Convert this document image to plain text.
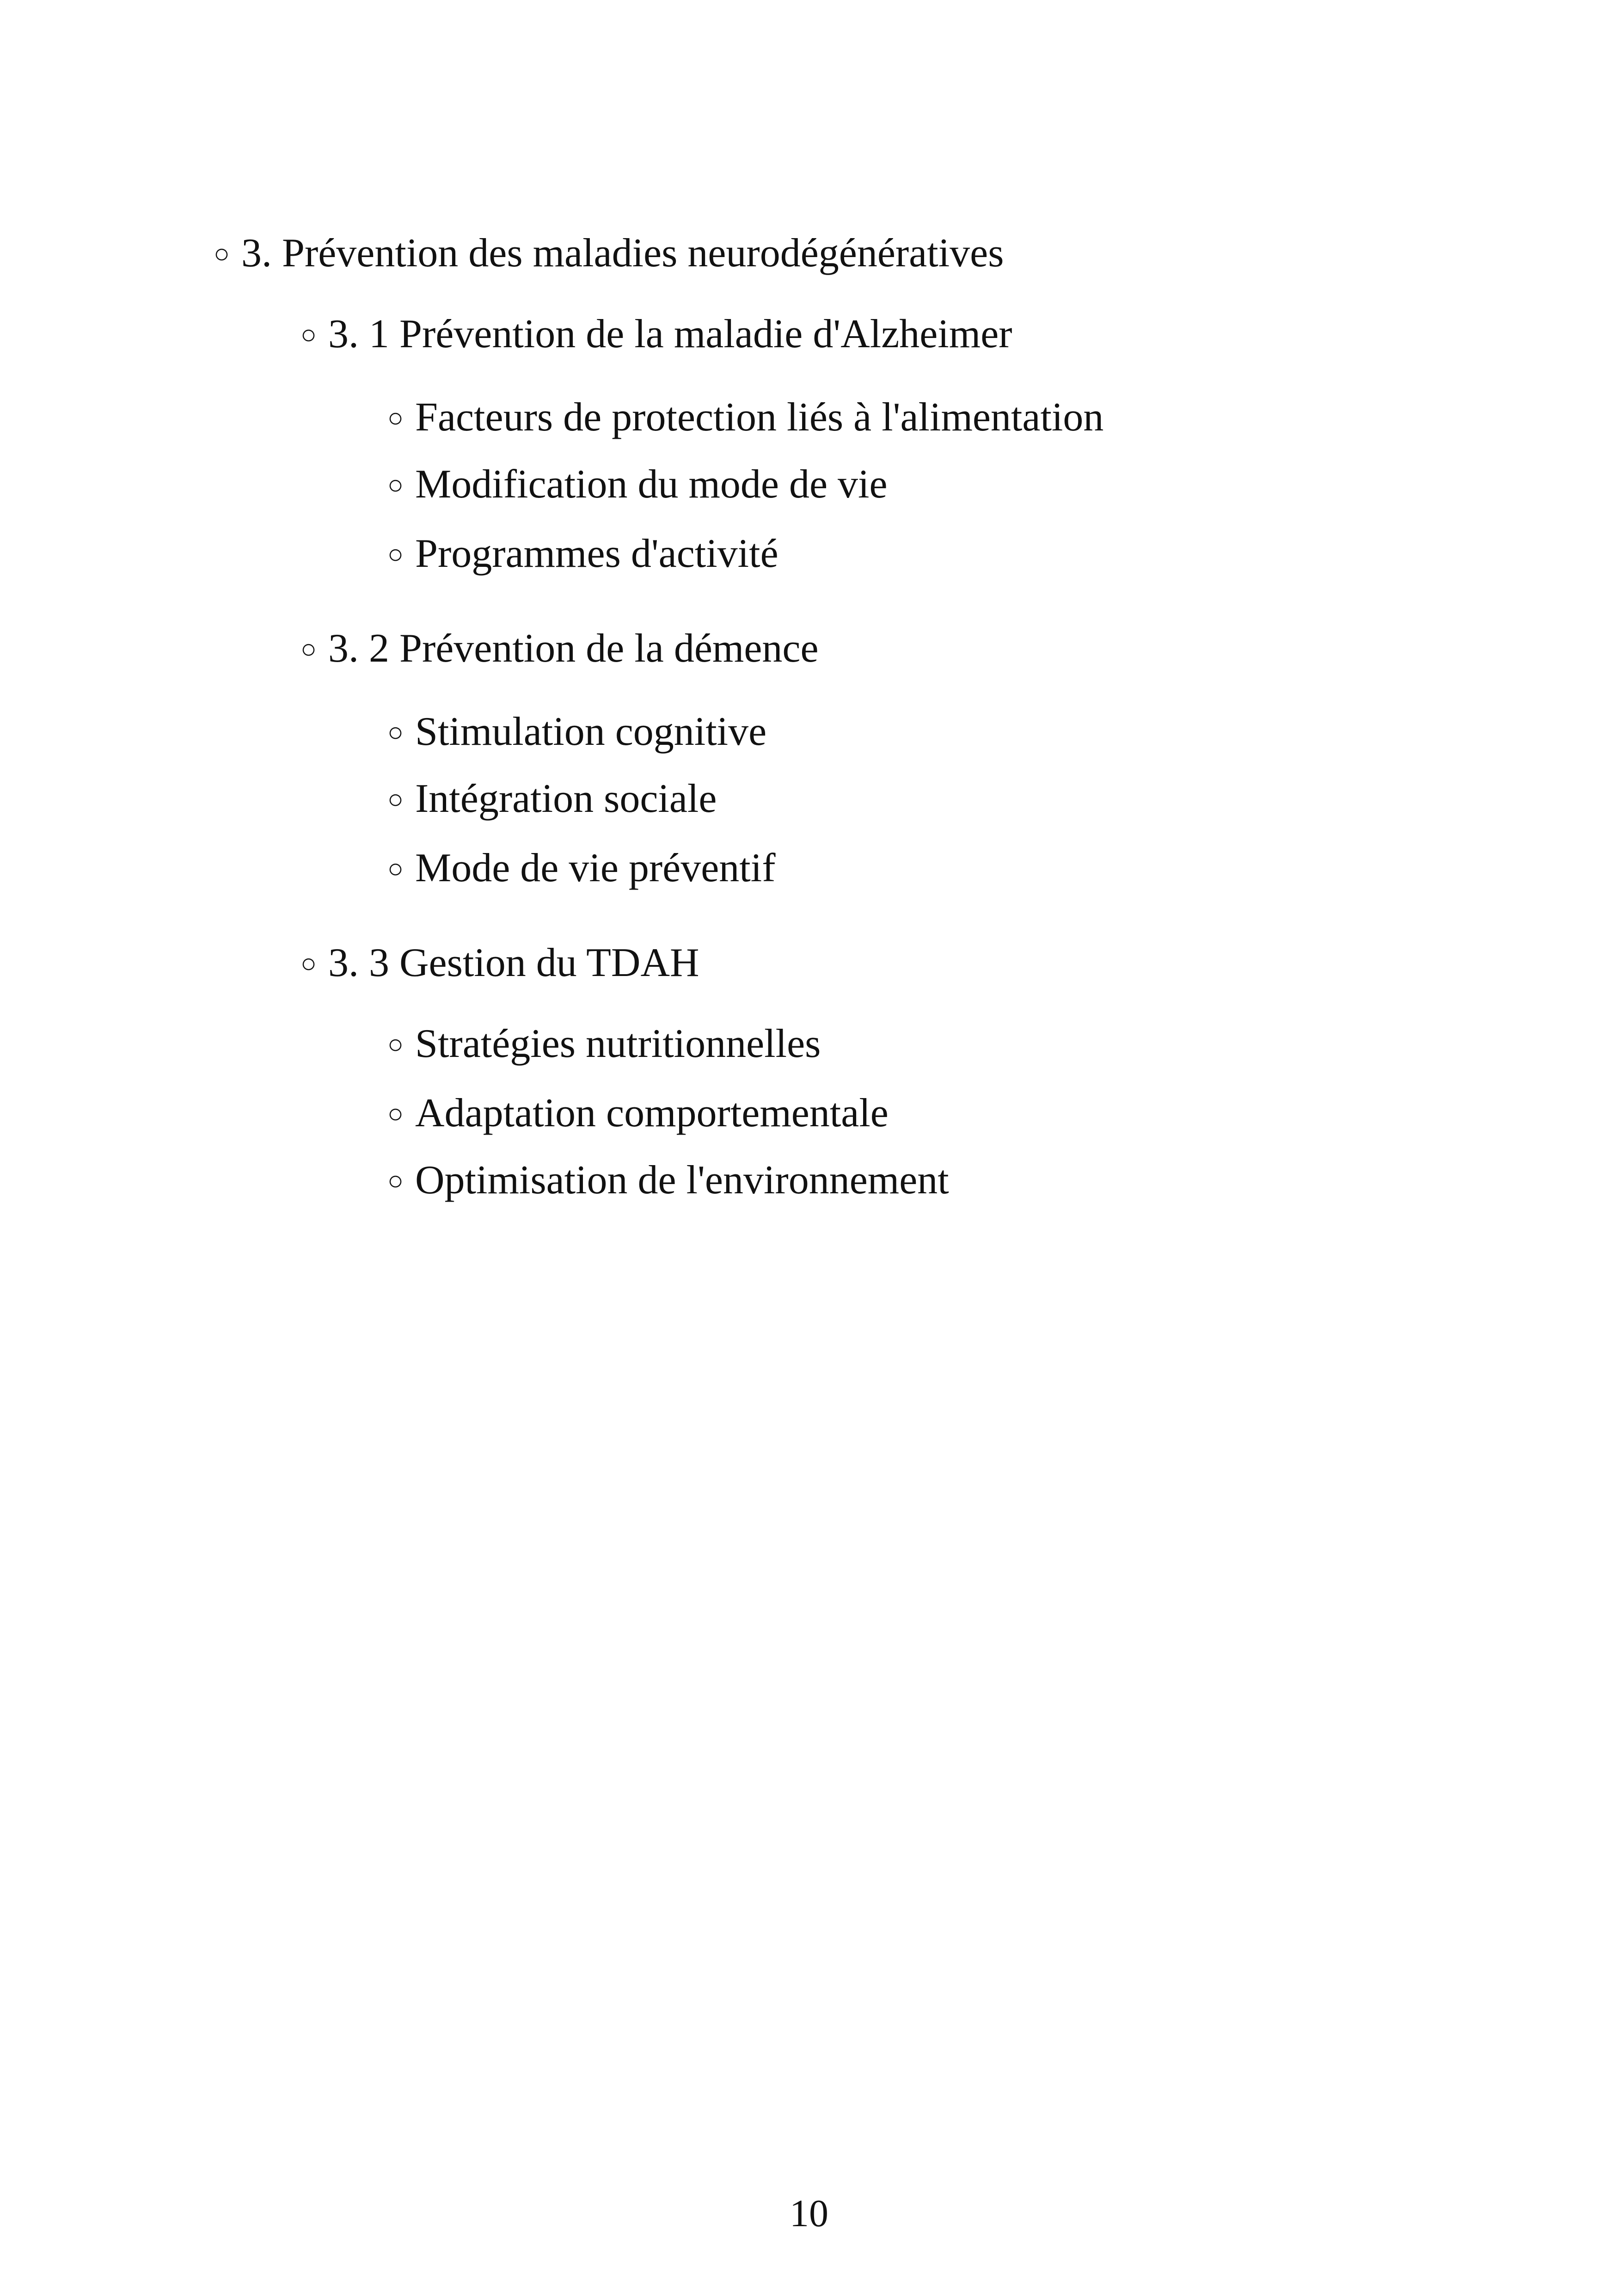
○ 3. Prévention des maladies neurodégénératives
○ 3. 1 Prévention de la maladie d'Alzheimer
○ Facteurs de protection liés à l'alimentation
○ Modification du mode de vie
○ Programmes d'activité
○ 3. 2 Prévention de la démence
○ Stimulation cognitive
○ Intégration sociale
○ Mode de vie préventif
○ 3. 3 Gestion du TDAH
○ Stratégies nutritionnelles
○ Adaptation comportementale
○ Optimisation de l'environnement
10
